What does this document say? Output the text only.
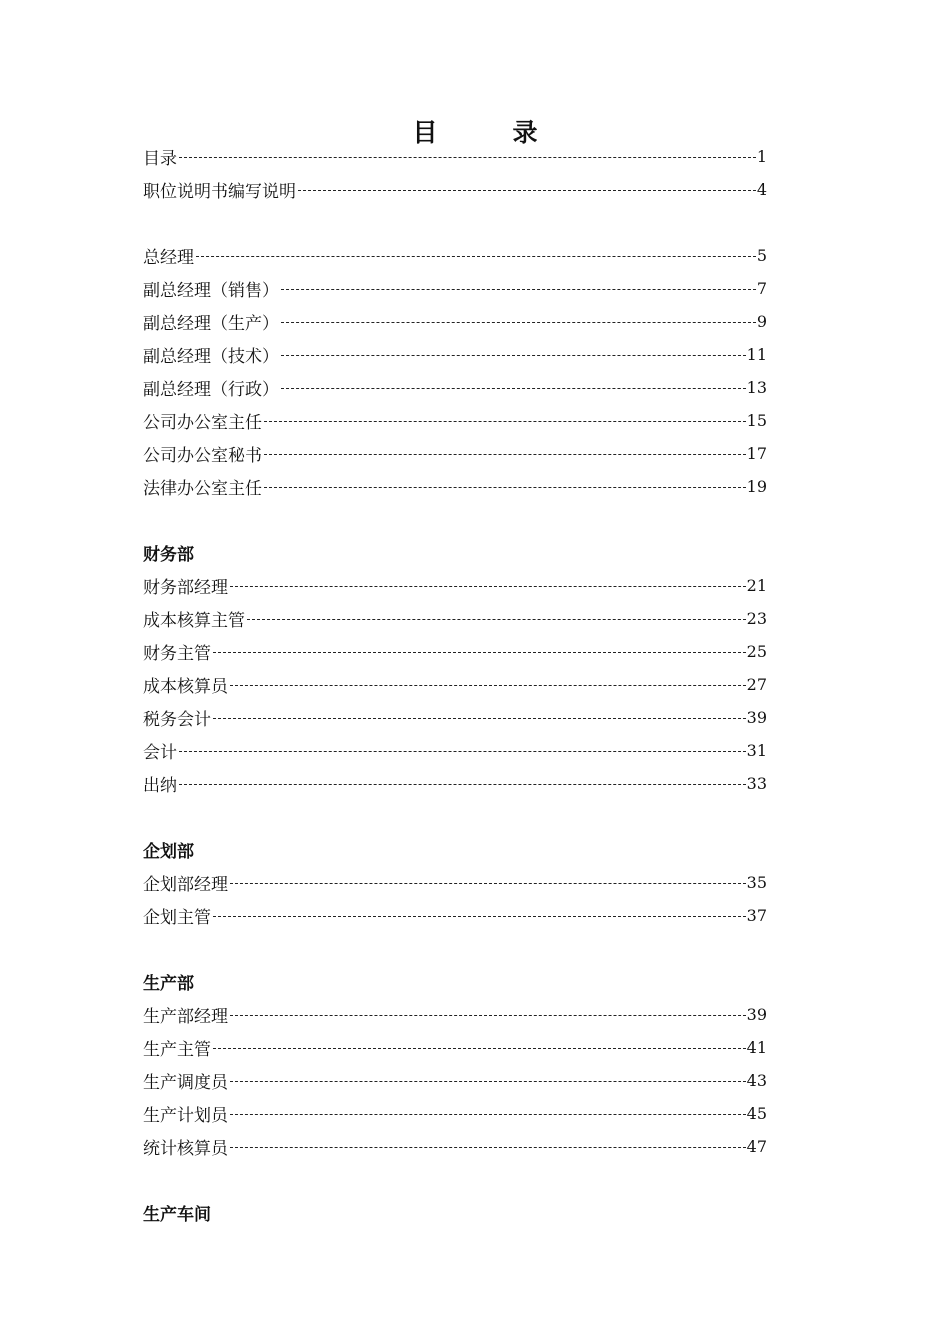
目　　　录
目录	1
职位说明书编写说明	4
总经理	5
副总经理（销售）	7
副总经理（生产）	9
副总经理（技术）	11
副总经理（行政）	13
公司办公室主任	15
公司办公室秘书	17
法律办公室主任	19
财务部
财务部经理	21
成本核算主管	23
财务主管	25
成本核算员	27
税务会计	39
会计	31
出纳	33
企划部
企划部经理	35
企划主管	37
生产部
生产部经理	39
生产主管	41
生产调度员	43
生产计划员	45
统计核算员	47
生产车间
